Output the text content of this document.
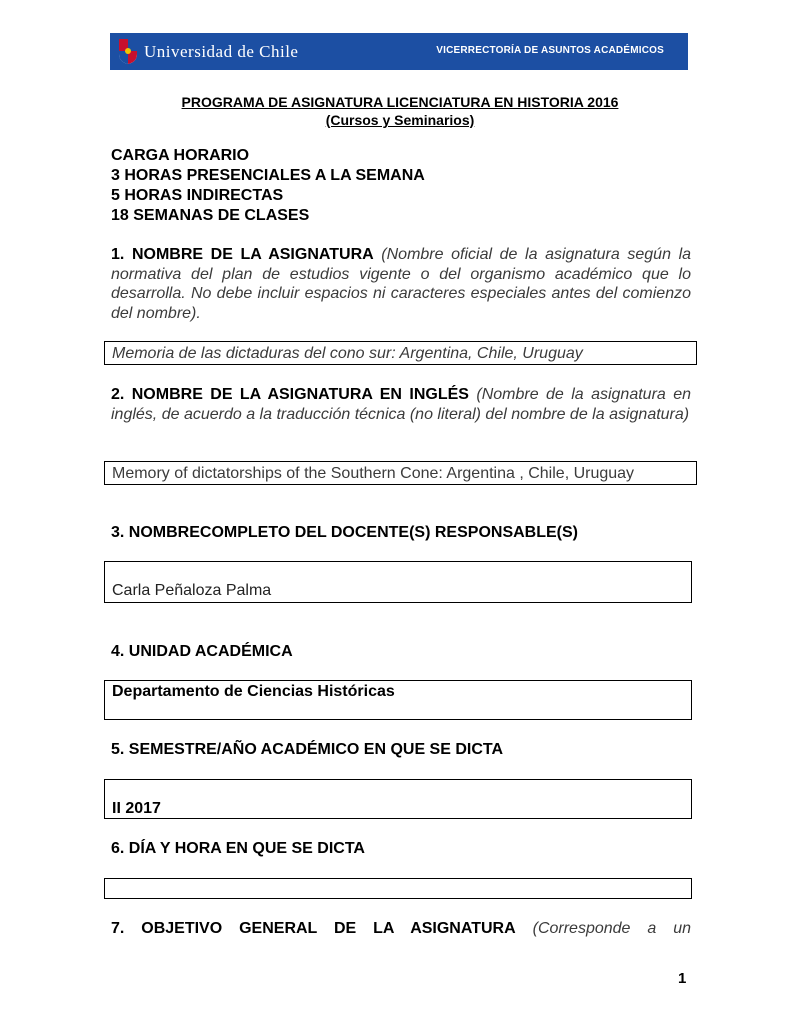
Universidad de Chile	VICERRECTORÍA DE ASUNTOS ACADÉMICOS
PROGRAMA DE ASIGNATURA LICENCIATURA EN HISTORIA 2016
(Cursos y Seminarios)
CARGA HORARIO
3 HORAS PRESENCIALES A LA SEMANA
5 HORAS INDIRECTAS
18 SEMANAS DE CLASES
1. NOMBRE DE LA ASIGNATURA (Nombre oficial de la asignatura según la normativa del plan de estudios vigente o del organismo académico que lo desarrolla. No debe incluir espacios ni caracteres especiales antes del comienzo del nombre).
Memoria de las dictaduras del cono sur: Argentina, Chile, Uruguay
2. NOMBRE DE LA ASIGNATURA EN INGLÉS (Nombre de la asignatura en inglés, de acuerdo a la traducción técnica (no literal) del nombre de la asignatura)
Memory of dictatorships of the Southern Cone: Argentina , Chile, Uruguay
3. NOMBRECOMPLETO DEL DOCENTE(S) RESPONSABLE(S)
Carla Peñaloza Palma
4. UNIDAD ACADÉMICA
Departamento de Ciencias Históricas
5. SEMESTRE/AÑO ACADÉMICO EN QUE SE DICTA
II 2017
6. DÍA Y HORA EN QUE SE DICTA
7. OBJETIVO GENERAL DE LA ASIGNATURA (Corresponde a un
1
